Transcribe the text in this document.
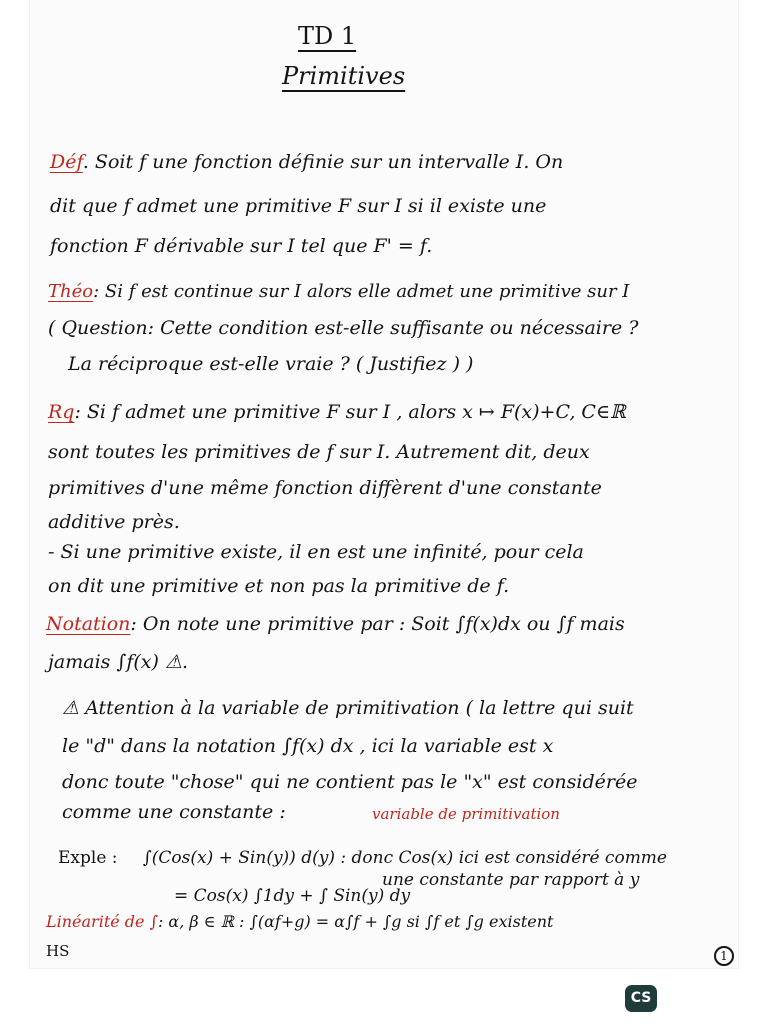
TD 1
Primitives
Déf. Soit f une fonction définie sur un intervalle I. On
dit que f admet une primitive F sur I si il existe une
fonction F dérivable sur I tel que F' = f.
Théo: Si f est continue sur I alors elle admet une primitive sur I
( Question: Cette condition est-elle suffisante ou nécessaire ?
La réciproque est-elle vraie ? ( Justifiez ) )
Rq: Si f admet une primitive F sur I , alors x ↦ F(x)+C, C∈ℝ
sont toutes les primitives de f sur I. Autrement dit, deux
primitives d'une même fonction diffèrent d'une constante
additive près.
- Si une primitive existe, il en est une infinité, pour cela
on dit une primitive et non pas la primitive de f.
Notation: On note une primitive par : Soit ∫f(x)dx ou ∫f mais
jamais ∫f(x) ⚠.
⚠ Attention à la variable de primitivation ( la lettre qui suit
le "d" dans la notation ∫f(x) dx , ici la variable est x
donc toute "chose" qui ne contient pas le "x" est considérée
comme une constante :	variable de primitivation
Exple : ∫(Cos(x) + Sin(y)) d(y) : donc Cos(x) ici est considéré comme
une constante par rapport à y
= Cos(x) ∫1dy + ∫ Sin(y) dy
Linéarité de ∫: α, β ∈ ℝ : ∫(αf+g) = α∫f + ∫g si ∫f et ∫g existent
HS	1
CS
